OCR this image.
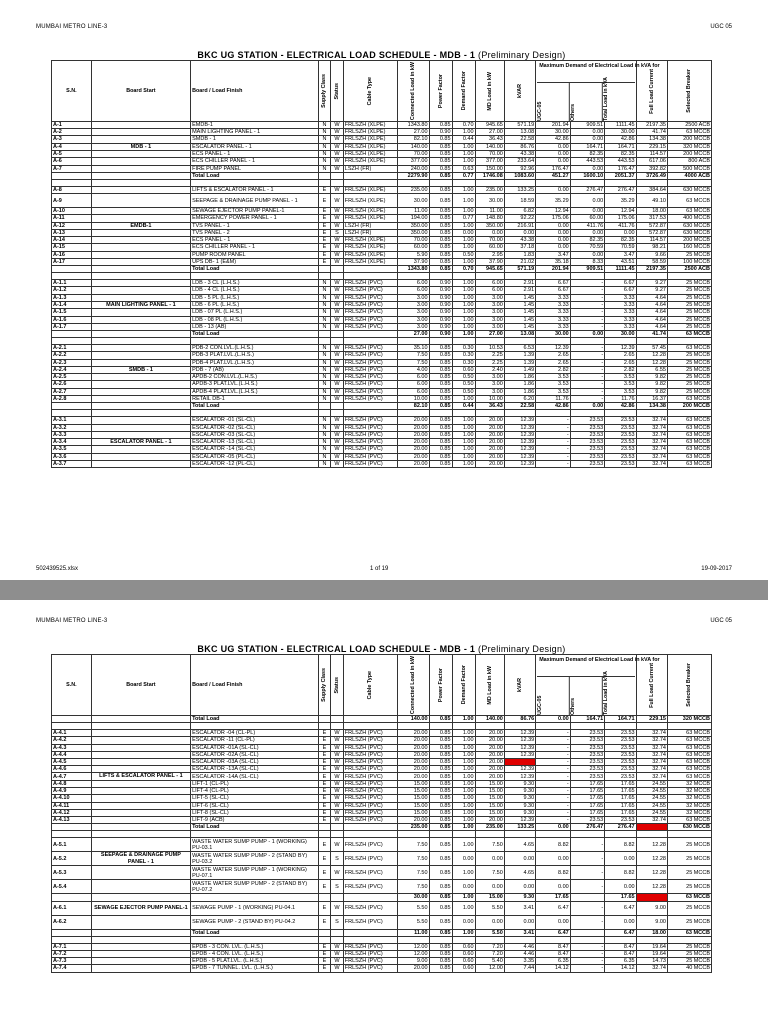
MUMBAI METRO LINE-3	UGC 05
BKC UG STATION - ELECTRICAL LOAD SCHEDULE - MDB - 1 (Preliminary Design)
S.N.	Board Start	Board / Load Finish	Supply Class	Status	Cable Type	Connected Load in kW	Power Factor	Demand Factor	MD Load in kW	kVAR	Maximum Demand of Electrical Load in kVA for
UGC-05 Others Total Load in kVA			Full Load Current	Selected Breaker

A-1		EMDB-1	N	W	FRLSZH (XLPE)	1343.80	0.85	0.70	945.65	571.19	201.94	909.51	1111.45	2197.35	2500 ACB
A-2		MAIN LIGHTING PANEL - 1	N	W	FRLSZH (XLPE)	27.00	0.90	1.00	27.00	13.08	30.00	0.00	30.00	41.74	63 MCCB
A-3		SMDB - 1	N	W	FRLSZH (XLPE)	82.10	0.85	0.44	36.43	22.58	42.86	0.00	42.86	134.38	200 MCCB
A-4	MDB - 1	ESCALATOR PANEL - 1	N	W	FRLSZH (XLPE)	140.00	0.85	1.00	140.00	86.76	0.00	164.71	164.71	229.15	320 MCCB
A-5		ECS PANEL - 1	N	W	FRLSZH (XLPE)	70.00	0.85	1.00	70.00	43.38	0.00	82.35	82.35	114.57	200 MCCB
A-6		ECS CHILLER PANEL - 1	N	W	FRLSZH (XLPE)	377.00	0.85	1.00	377.00	233.64	0.00	443.53	443.53	617.06	800 ACB
A-7		FIRE PUMP PANEL	N	W	LSZH (FR)	240.00	0.85	0.63	150.00	92.96	176.47	0.00	176.47	392.82	500 MCCB
		Total Load				2279.90	0.85	0.77	1746.08	1083.60	451.27	1600.10	2051.37	3726.49	4000 ACB

A-8		LIFTS & ESCALATOR PANEL - 1	E	W	FRLSZH (XLPE)	235.00	0.85	1.00	235.00	133.25	0.00	276.47	276.47	384.64	630 MCCB
A-9		SEEPAGE & DRAINAGE PUMP PANEL - 1	E	W	FRLSZH (XLPE)	30.00	0.85	1.00	30.00	18.59	35.29	0.00	35.29	49.10	63 MCCB
A-10		SEWAGE EJECTOR PUMP PANEL-1	E	W	FRLSZH (XLPE)	11.00	0.85	1.00	11.00	6.82	12.94	0.00	12.94	18.00	63 MCCB
A-11		EMERGENCY POWER PANEL - 1	E	W	FRLSZH (XLPE)	194.00	0.85	0.77	148.80	92.22	175.06	60.00	175.06	317.53	400 MCCB
A-12	EMDB-1	TVS PANEL - 1	E	W	LSZH (FR)	350.00	0.85	1.00	350.00	216.91	0.00	411.76	411.76	572.87	630 MCCB
A-13		TVS PANEL - 2	E	S	LSZH (FR)	350.00	0.85	0.00	0.00	0.00	0.00	0.00	0.00	572.87	630 MCCB
A-14		ECS PANEL - 1	E	W	FRLSZH (XLPE)	70.00	0.85	1.00	70.00	43.38	0.00	82.35	82.35	114.57	200 MCCB
A-15		ECS CHILLER PANEL - 1	E	W	FRLSZH (XLPE)	60.00	0.85	1.00	60.00	37.18	0.00	70.59	70.59	98.21	160 MCCB
A-16		PUMP ROOM PANEL	E	W	FRLSZH (XLPE)	5.90	0.85	0.50	2.95	1.83	3.47	0.00	3.47	9.66	25 MCCB
A-17		UPS DB- 1 (E&M)	E	W	FRLSZH (XLPE)	37.90	0.85	1.00	37.90	21.02	35.18	8.33	43.51	58.59	100 MCCB
		Total Load				1343.80	0.85	0.70	945.65	571.19	201.94	909.51	1111.45	2197.35	2500 ACB

A-1.1		LDB - 3 CL (L.H.S.)	N	W	FRLSZH (PVC)	6.00	0.90	1.00	6.00	2.91	6.67	-	6.67	9.27	25 MCCB
A-1.2		LDB - 4 CL (L.H.S.)	N	W	FRLSZH (PVC)	6.00	0.90	1.00	6.00	2.91	6.67	-	6.67	9.27	25 MCCB
A-1.3		LDB - 5 PL (L.H.S.)	N	W	FRLSZH (PVC)	3.00	0.90	1.00	3.00	1.45	3.33	-	3.33	4.64	25 MCCB
A-1.4	MAIN LIGHTING PANEL - 1	LDB - 6 PL (L.H.S.)	N	W	FRLSZH (PVC)	3.00	0.90	1.00	3.00	1.45	3.33	-	3.33	4.64	25 MCCB
A-1.5		LDB - 07 PL (L.H.S.)	N	W	FRLSZH (PVC)	3.00	0.90	1.00	3.00	1.45	3.33	-	3.33	4.64	25 MCCB
A-1.6		LDB - 08 PL (L.H.S.)	N	W	FRLSZH (PVC)	3.00	0.90	1.00	3.00	1.45	3.33	-	3.33	4.64	25 MCCB
A-1.7		LDB - 13 (AB)	N	W	FRLSZH (PVC)	3.00	0.90	1.00	3.00	1.45	3.33	-	3.33	4.64	25 MCCB
		Total Load				27.00	0.90	1.00	27.00	13.08	30.00	0.00	30.00	41.74	63 MCCB

A-2.1		PDB-2 CON.LVL.(L.H.S.)	N	W	FRLSZH (PVC)	35.10	0.85	0.30	10.53	6.53	12.39	-	12.39	57.45	63 MCCB
A-2.2		PDB-3 PLAT.LVL.(L.H.S.)	N	W	FRLSZH (PVC)	7.50	0.85	0.30	2.25	1.39	2.65	-	2.65	12.28	25 MCCB
A-2.3		PDB-4 PLAT.LVL.(L.H.S.)	N	W	FRLSZH (PVC)	7.50	0.85	0.30	2.25	1.39	2.65	-	2.65	12.28	25 MCCB
A-2.4	SMDB - 1	PDB - 7 (AB)	N	W	FRLSZH (PVC)	4.00	0.85	0.60	2.40	1.49	2.82	-	2.82	6.55	25 MCCB
A-2.5		APDB-2 CON.LVL.(L.H.S.)	N	W	FRLSZH (PVC)	6.00	0.85	0.50	3.00	1.86	3.53	-	3.53	9.82	25 MCCB
A-2.6		APDB-3 PLAT.LVL.(L.H.S.)	N	W	FRLSZH (PVC)	6.00	0.85	0.50	3.00	1.86	3.53	-	3.53	9.82	25 MCCB
A-2.7		APDB-4 PLAT.LVL.(L.H.S.)	N	W	FRLSZH (PVC)	6.00	0.85	0.50	3.00	1.86	3.53	-	3.53	9.82	25 MCCB
A-2.8		RETAIL DB-1	N	W	FRLSZH (PVC)	10.00	0.85	1.00	10.00	6.20	11.76	-	11.76	16.37	63 MCCB
		Total Load				82.10	0.85	0.44	36.43	22.58	42.86	0.00	42.86	134.38	200 MCCB

A-3.1		ESCALATOR -01 (SL-CL)	N	W	FRLSZH (PVC)	20.00	0.85	1.00	20.00	12.39	-	23.53	23.53	32.74	63 MCCB
A-3.2		ESCALATOR -02 (SL-CL)	N	W	FRLSZH (PVC)	20.00	0.85	1.00	20.00	12.39	-	23.53	23.53	32.74	63 MCCB
A-3.3		ESCALATOR -03 (SL-CL)	N	W	FRLSZH (PVC)	20.00	0.85	1.00	20.00	12.39	-	23.53	23.53	32.74	63 MCCB
A-3.4	ESCALATOR PANEL - 1	ESCALATOR -13 (SL-CL)	N	W	FRLSZH (PVC)	20.00	0.85	1.00	20.00	12.39	-	23.53	23.53	32.74	63 MCCB
A-3.5		ESCALATOR -14 (SL-CL)	N	W	FRLSZH (PVC)	20.00	0.85	1.00	20.00	12.39	-	23.53	23.53	32.74	63 MCCB
A-3.6		ESCALATOR -05 (PL-CL)	N	W	FRLSZH (PVC)	20.00	0.85	1.00	20.00	12.39	-	23.53	23.53	32.74	63 MCCB
A-3.7		ESCALATOR -12 (PL-CL)	N	W	FRLSZH (PVC)	20.00	0.85	1.00	20.00	12.39	-	23.53	23.53	32.74	63 MCCB
502439525.xlsx	1 of 19	19-09-2017
MUMBAI METRO LINE-3	UGC 05
BKC UG STATION - ELECTRICAL LOAD SCHEDULE - MDB - 1 (Preliminary Design)
S.N.	Board Start	Board / Load Finish	Supply Class	Status	Cable Type	Connected Load in kW	Power Factor	Demand Factor	MD Load in kW	kVAR	Maximum Demand of Electrical Load in kVA for
UGC-05 Others Total Load in kVA			Full Load Current	Selected Breaker

		Total Load				140.00	0.85	1.00	140.00	86.76	0.00	164.71	164.71	229.15	320 MCCB

A-4.1		ESCALATOR -04 (CL-PL)	E	W	FRLSZH (PVC)	20.00	0.85	1.00	20.00	12.39	-	23.53	23.53	32.74	63 MCCB
A-4.2		ESCALATOR -11 (CL-PL)	E	W	FRLSZH (PVC)	20.00	0.85	1.00	20.00	12.39	-	23.53	23.53	32.74	63 MCCB
A-4.3		ESCALATOR -01A (SL-CL)	E	W	FRLSZH (PVC)	20.00	0.85	1.00	20.00	12.39	-	23.53	23.53	32.74	63 MCCB
A-4.4		ESCALATOR -02A (SL-CL)	E	W	FRLSZH (PVC)	20.00	0.85	1.00	20.00	12.39	-	23.53	23.53	32.74	63 MCCB
A-4.5		ESCALATOR -03A (SL-CL)	E	W	FRLSZH (PVC)	20.00	0.85	1.00	20.00		-	23.53	23.53	32.74	63 MCCB
A-4.6		ESCALATOR -13A (SL-CL)	E	W	FRLSZH (PVC)	20.00	0.85	1.00	20.00	12.39	-	23.53	23.53	32.74	63 MCCB
A-4.7	LIFTS & ESCALATOR PANEL - 1	ESCALATOR -14A (SL-CL)	E	W	FRLSZH (PVC)	20.00	0.85	1.00	20.00	12.39	-	23.53	23.53	32.74	63 MCCB
A-4.8		LIFT-1 (CL-PL)	E	W	FRLSZH (PVC)	15.00	0.85	1.00	15.00	9.30	-	17.65	17.65	24.55	32 MCCB
A-4.9		LIFT-4 (CL-PL)	E	W	FRLSZH (PVC)	15.00	0.85	1.00	15.00	9.30	-	17.65	17.65	24.55	32 MCCB
A-4.10		LIFT-5 (SL-CL)	E	W	FRLSZH (PVC)	15.00	0.85	1.00	15.00	9.30	-	17.65	17.65	24.55	32 MCCB
A-4.11		LIFT-6 (SL-CL)	E	W	FRLSZH (PVC)	15.00	0.85	1.00	15.00	9.30	-	17.65	17.65	24.55	32 MCCB
A-4.12		LIFT-8 (SL-CL)	E	W	FRLSZH (PVC)	15.00	0.85	1.00	15.00	9.30	-	17.65	17.65	24.55	32 MCCB
A-4.13		LIFT-9 (ACB)	E	W	FRLSZH (PVC)	20.00	0.85	1.00	20.00	12.39	-	23.53	23.53	32.74	63 MCCB
		Total Load				235.00	0.85	1.00	235.00	133.25	0.00	276.47	276.47		630 MCCB

A-5.1		WASTE WATER SUMP PUMP - 1 (WORKING) PU-03.1	E	W	FRLSZH (PVC)	7.50	0.85	1.00	7.50	4.65	8.82	-	8.82	12.28	25 MCCB
A-5.2	SEEPAGE & DRAINAGE PUMP PANEL - 1	WASTE WATER SUMP PUMP - 2 (STAND BY) PU-03.2	E	S	FRLSZH (PVC)	7.50	0.85	0.00	0.00	0.00	0.00	-	0.00	12.28	25 MCCB
A-5.3		WASTE WATER SUMP PUMP - 1 (WORKING) PU-07.1	E	W	FRLSZH (PVC)	7.50	0.85	1.00	7.50	4.65	8.82	-	8.82	12.28	25 MCCB
A-5.4		WASTE WATER SUMP PUMP - 2 (STAND BY) PU-07.2	E	S	FRLSZH (PVC)	7.50	0.85	0.00	0.00	0.00	0.00	-	0.00	12.28	25 MCCB
						30.00	0.85	1.00	15.00	9.30	17.65		17.65		63 MCCB
A-6.1	SEWAGE EJECTOR PUMP PANEL-1	SEWAGE PUMP - 1 (WORKING) PU-04.1	E	W	FRLSZH (PVC)	5.50	0.85	1.00	5.50	3.41	6.47	-	6.47	9.00	25 MCCB
A-6.2		SEWAGE PUMP - 2 (STAND BY) PU-04.2	E	S	FRLSZH (PVC)	5.50	0.85	0.00	0.00	0.00	0.00	-	0.00	9.00	25 MCCB
		Total Load				11.00	0.85	1.00	5.50	3.41	6.47		6.47	18.00	63 MCCB

A-7.1		EPDB - 3 CON. LVL. (L.H.S.)	E	W	FRLSZH (PVC)	12.00	0.85	0.60	7.20	4.46	8.47	-	8.47	19.64	25 MCCB
A-7.2		EPDB - 4 CON. LVL. (L.H.S.)	E	W	FRLSZH (PVC)	12.00	0.85	0.60	7.20	4.46	8.47	-	8.47	19.64	25 MCCB
A-7.3		EPDB - 5 PLAT.LVL. (L.H.S.)	E	W	FRLSZH (PVC)	9.00	0.85	0.60	5.40	3.35	6.35	-	6.35	14.73	25 MCCB
A-7.4		EPDB - 7 TUNNEL. LVL. (L.H.S.)	E	W	FRLSZH (PVC)	20.00	0.85	0.60	12.00	7.44	14.12	-	14.12	32.74	40 MCCB
